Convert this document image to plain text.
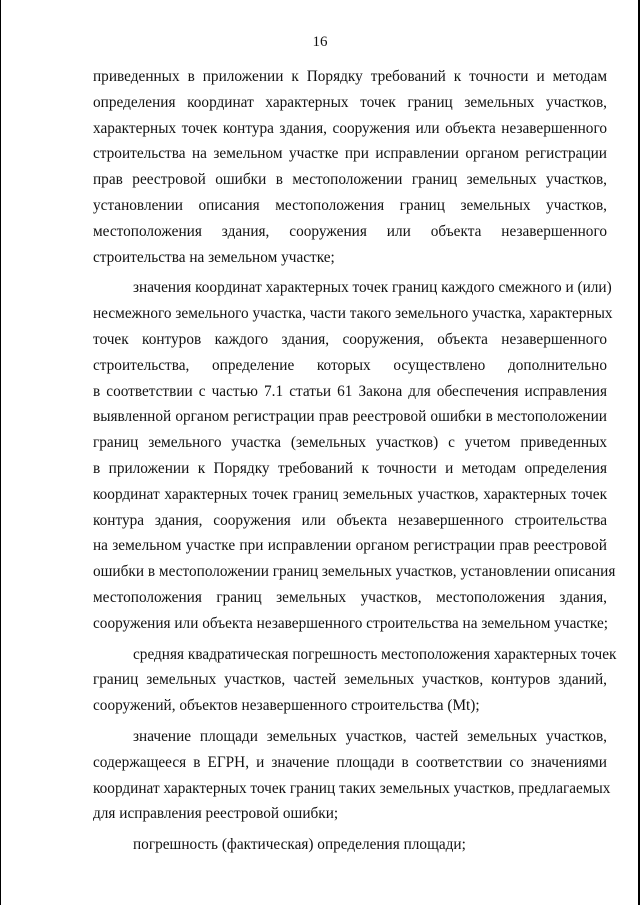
16
приведенных в приложении к Порядку требований к точности и методам
определения координат характерных точек границ земельных участков,
характерных точек контура здания, сооружения или объекта незавершенного
строительства на земельном участке при исправлении органом регистрации
прав реестровой ошибки в местоположении границ земельных участков,
установлении описания местоположения границ земельных участков,
местоположения здания, сооружения или объекта незавершенного
строительства на земельном участке;
значения координат характерных точек границ каждого смежного и (или)
несмежного земельного участка, части такого земельного участка, характерных
точек контуров каждого здания, сооружения, объекта незавершенного
строительства, определение которых осуществлено дополнительно
в соответствии с частью 7.1 статьи 61 Закона для обеспечения исправления
выявленной органом регистрации прав реестровой ошибки в местоположении
границ земельного участка (земельных участков) с учетом приведенных
в приложении к Порядку требований к точности и методам определения
координат характерных точек границ земельных участков, характерных точек
контура здания, сооружения или объекта незавершенного строительства
на земельном участке при исправлении органом регистрации прав реестровой
ошибки в местоположении границ земельных участков, установлении описания
местоположения границ земельных участков, местоположения здания,
сооружения или объекта незавершенного строительства на земельном участке;
средняя квадратическая погрешность местоположения характерных точек
границ земельных участков, частей земельных участков, контуров зданий,
сооружений, объектов незавершенного строительства (Mt);
значение площади земельных участков, частей земельных участков,
содержащееся в ЕГРН, и значение площади в соответствии со значениями
координат характерных точек границ таких земельных участков, предлагаемых
для исправления реестровой ошибки;
погрешность (фактическая) определения площади;
